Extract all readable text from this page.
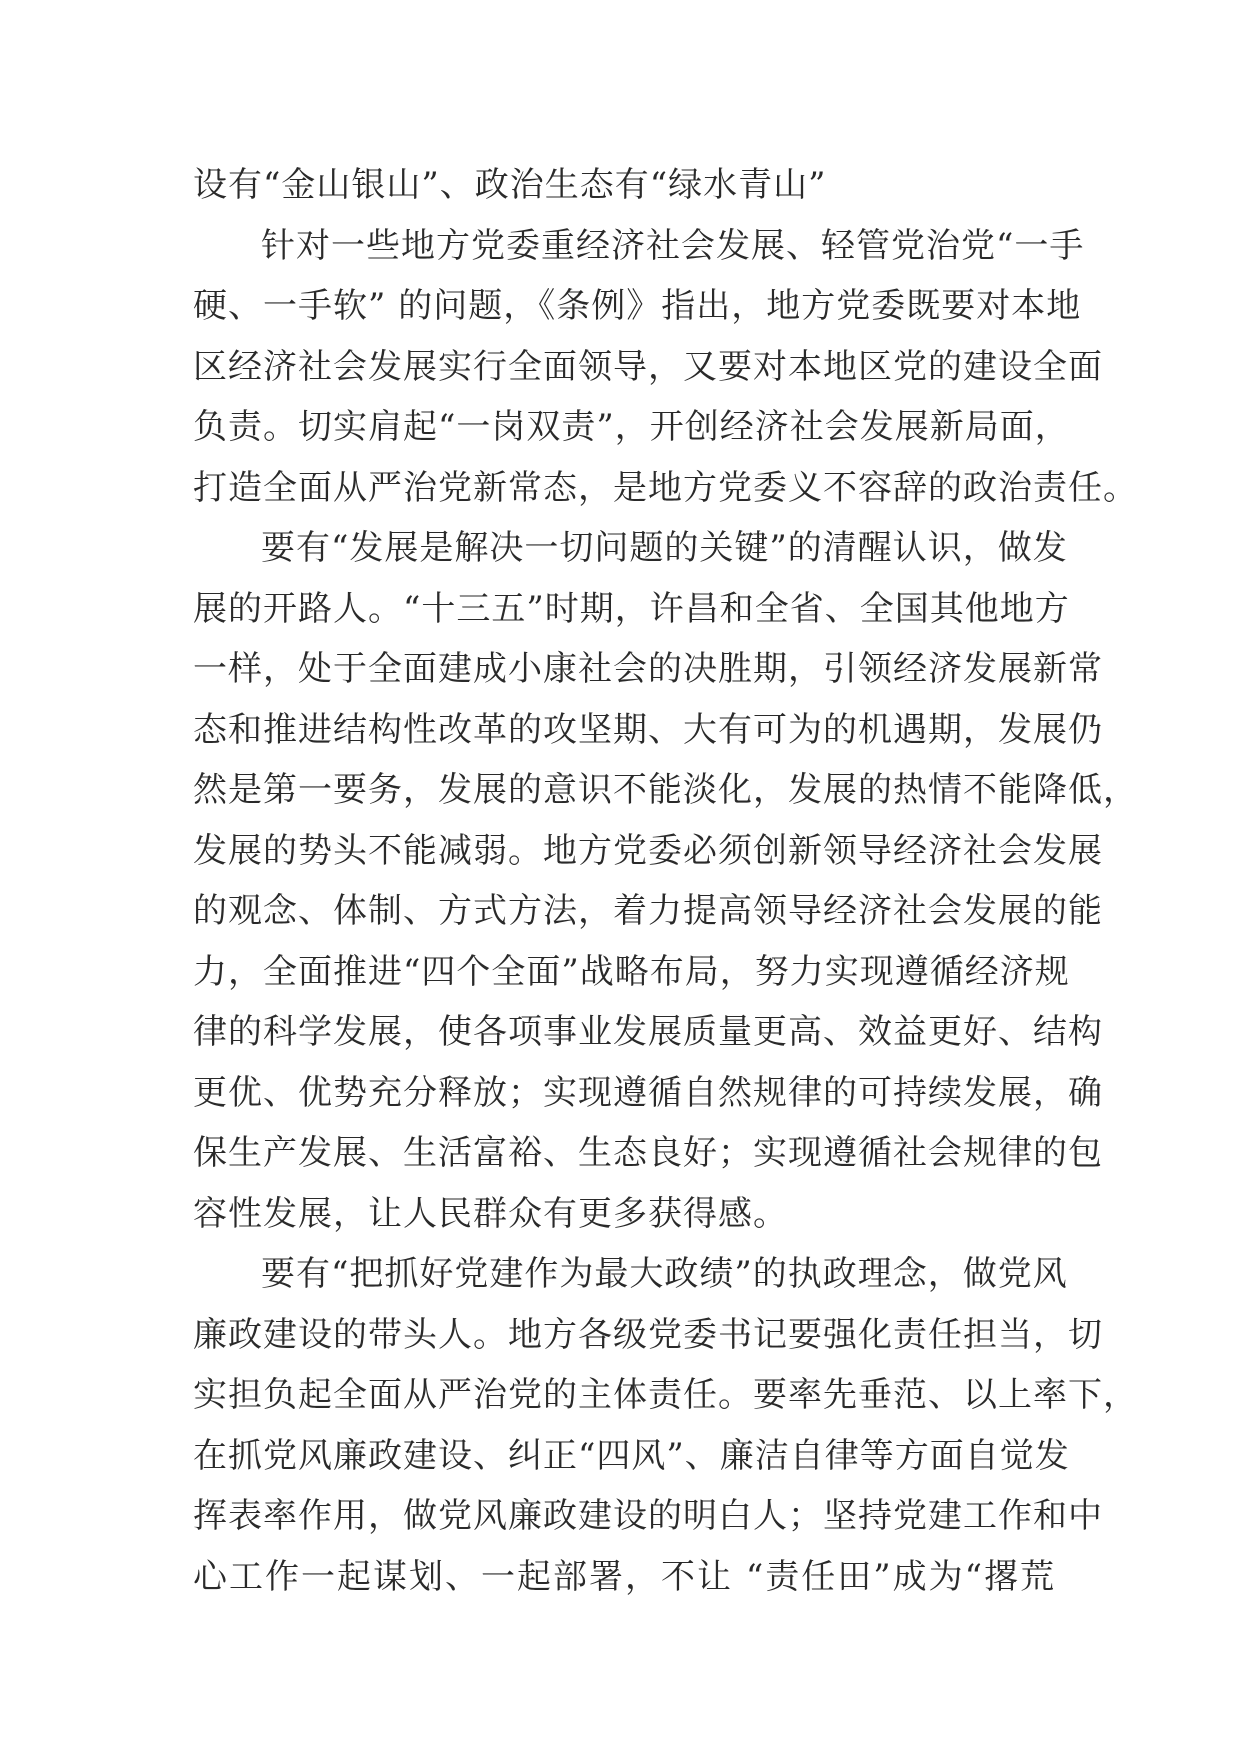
设有“金山银山”、政治生态有“绿水青山”
针对一些地方党委重经济社会发展、轻管党治党“一手
硬、一手软” 的问题，《条例》指出，地方党委既要对本地
区经济社会发展实行全面领导，又要对本地区党的建设全面
负责。切实肩起“一岗双责”，开创经济社会发展新局面，
打造全面从严治党新常态，是地方党委义不容辞的政治责任。
要有“发展是解决一切问题的关键”的清醒认识，做发
展的开路人。“十三五”时期，许昌和全省、全国其他地方
一样，处于全面建成小康社会的决胜期，引领经济发展新常
态和推进结构性改革的攻坚期、大有可为的机遇期，发展仍
然是第一要务，发展的意识不能淡化，发展的热情不能降低，
发展的势头不能减弱。地方党委必须创新领导经济社会发展
的观念、体制、方式方法，着力提高领导经济社会发展的能
力，全面推进“四个全面”战略布局，努力实现遵循经济规
律的科学发展，使各项事业发展质量更高、效益更好、结构
更优、优势充分释放；实现遵循自然规律的可持续发展，确
保生产发展、生活富裕、生态良好；实现遵循社会规律的包
容性发展，让人民群众有更多获得感。
要有“把抓好党建作为最大政绩”的执政理念，做党风
廉政建设的带头人。地方各级党委书记要强化责任担当，切
实担负起全面从严治党的主体责任。要率先垂范、以上率下，
在抓党风廉政建设、纠正“四风”、廉洁自律等方面自觉发
挥表率作用，做党风廉政建设的明白人；坚持党建工作和中
心工作一起谋划、一起部署，不让 “责任田”成为“撂荒
